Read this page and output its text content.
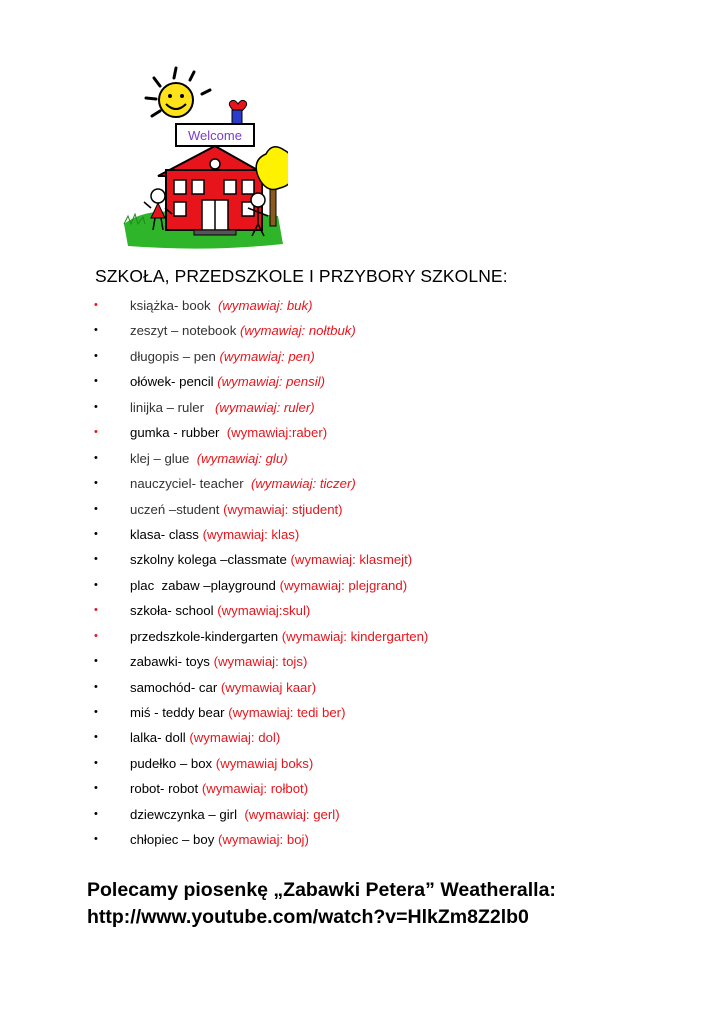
Welcome
SZKOŁA, PRZEDSZKOLE I PRZYBORY SZKOLNE:
• książka- book  (wymawiaj: buk)
• zeszyt – notebook (wymawiaj: nołtbuk)
• długopis – pen (wymawiaj: pen)
• ołówek- pencil (wymawiaj: pensil)
• linijka – ruler   (wymawiaj: ruler)
• gumka - rubber  (wymawiaj:raber)
• klej – glue  (wymawiaj: glu)
• nauczyciel- teacher  (wymawiaj: ticzer)
• uczeń –student (wymawiaj: stjudent)
• klasa- class (wymawiaj: klas)
• szkolny kolega –classmate (wymawiaj: klasmejt)
• plac  zabaw –playground (wymawiaj: plejgrand)
• szkoła- school (wymawiaj:skul)
• przedszkole-kindergarten (wymawiaj: kindergarten)
• zabawki- toys (wymawiaj: tojs)
• samochód- car (wymawiaj kaar)
• miś - teddy bear (wymawiaj: tedi ber)
• lalka- doll (wymawiaj: dol)
• pudełko – box (wymawiaj boks)
• robot- robot (wymawiaj: rołbot)
• dziewczynka – girl  (wymawiaj: gerl)
• chłopiec – boy (wymawiaj: boj)
Polecamy piosenkę „Zabawki Petera” Weatheralla:
http://www.youtube.com/watch?v=HlkZm8Z2lb0
